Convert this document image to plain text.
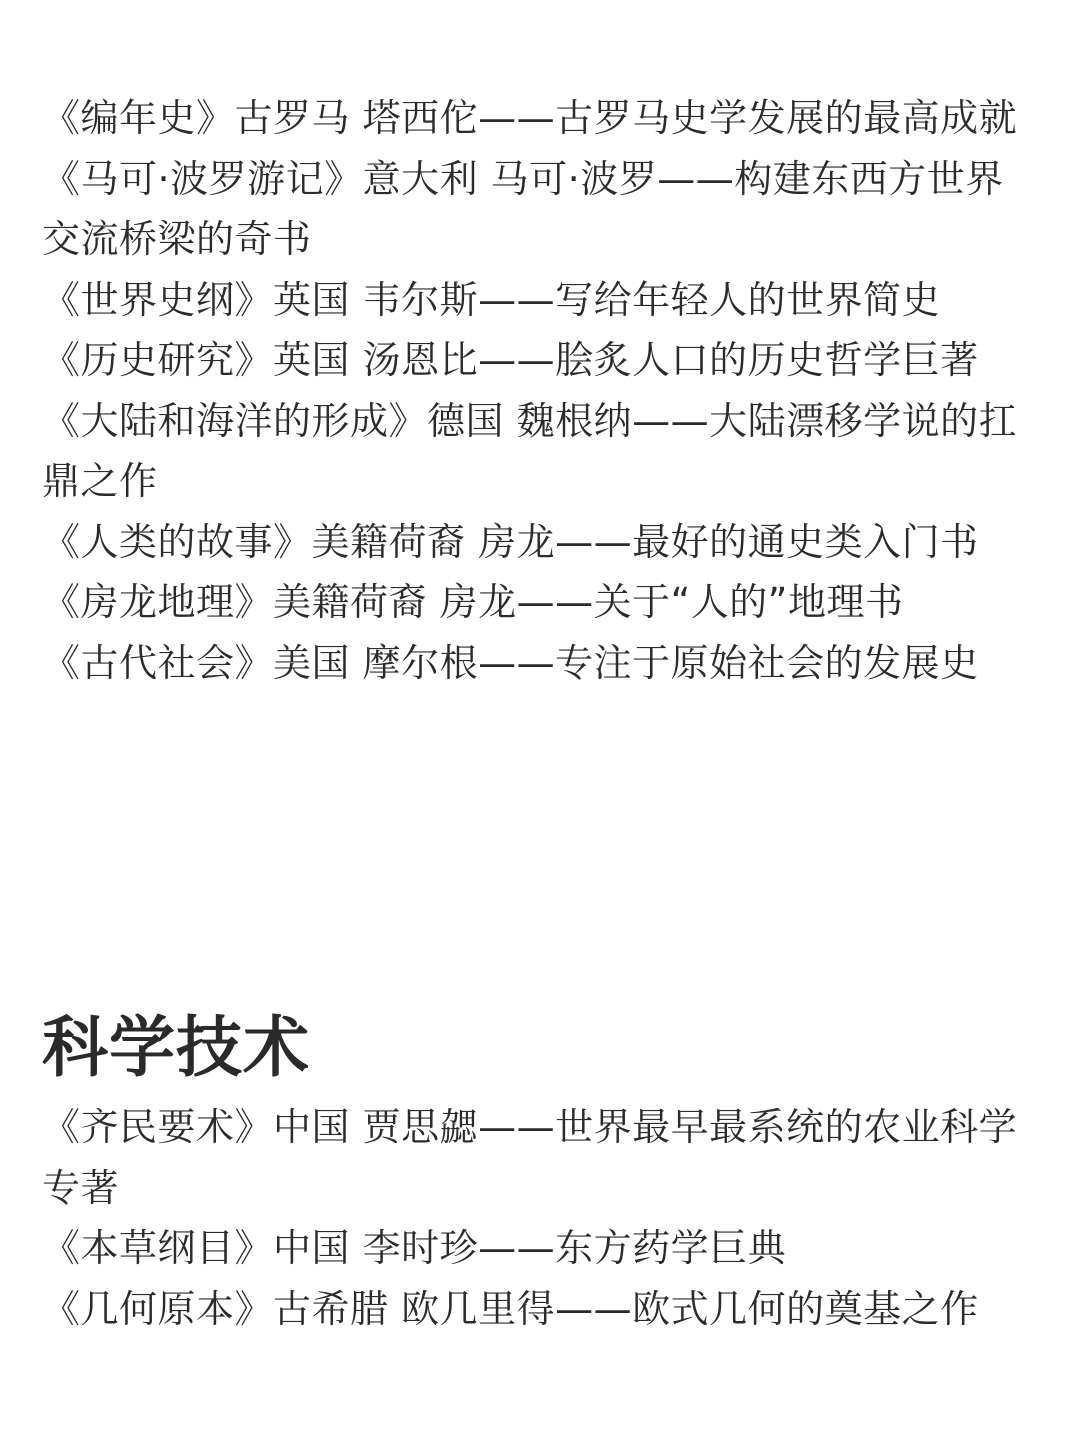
《编年史》古罗马 塔西佗——古罗马史学发展的最高成就

《马可·波罗游记》意大利 马可·波罗——构建东西方世界交流桥梁的奇书

《世界史纲》英国 韦尔斯——写给年轻人的世界简史

《历史研究》英国 汤恩比——脍炙人口的历史哲学巨著

《大陆和海洋的形成》德国 魏根纳——大陆漂移学说的扛鼎之作

《人类的故事》美籍荷裔 房龙——最好的通史类入门书

《房龙地理》美籍荷裔 房龙——关于“人的”地理书

《古代社会》美国 摩尔根——专注于原始社会的发展史

科学技术

《齐民要术》中国 贾思勰——世界最早最系统的农业科学专著

《本草纲目》中国 李时珍——东方药学巨典

《几何原本》古希腊 欧几里得——欧式几何的奠基之作
